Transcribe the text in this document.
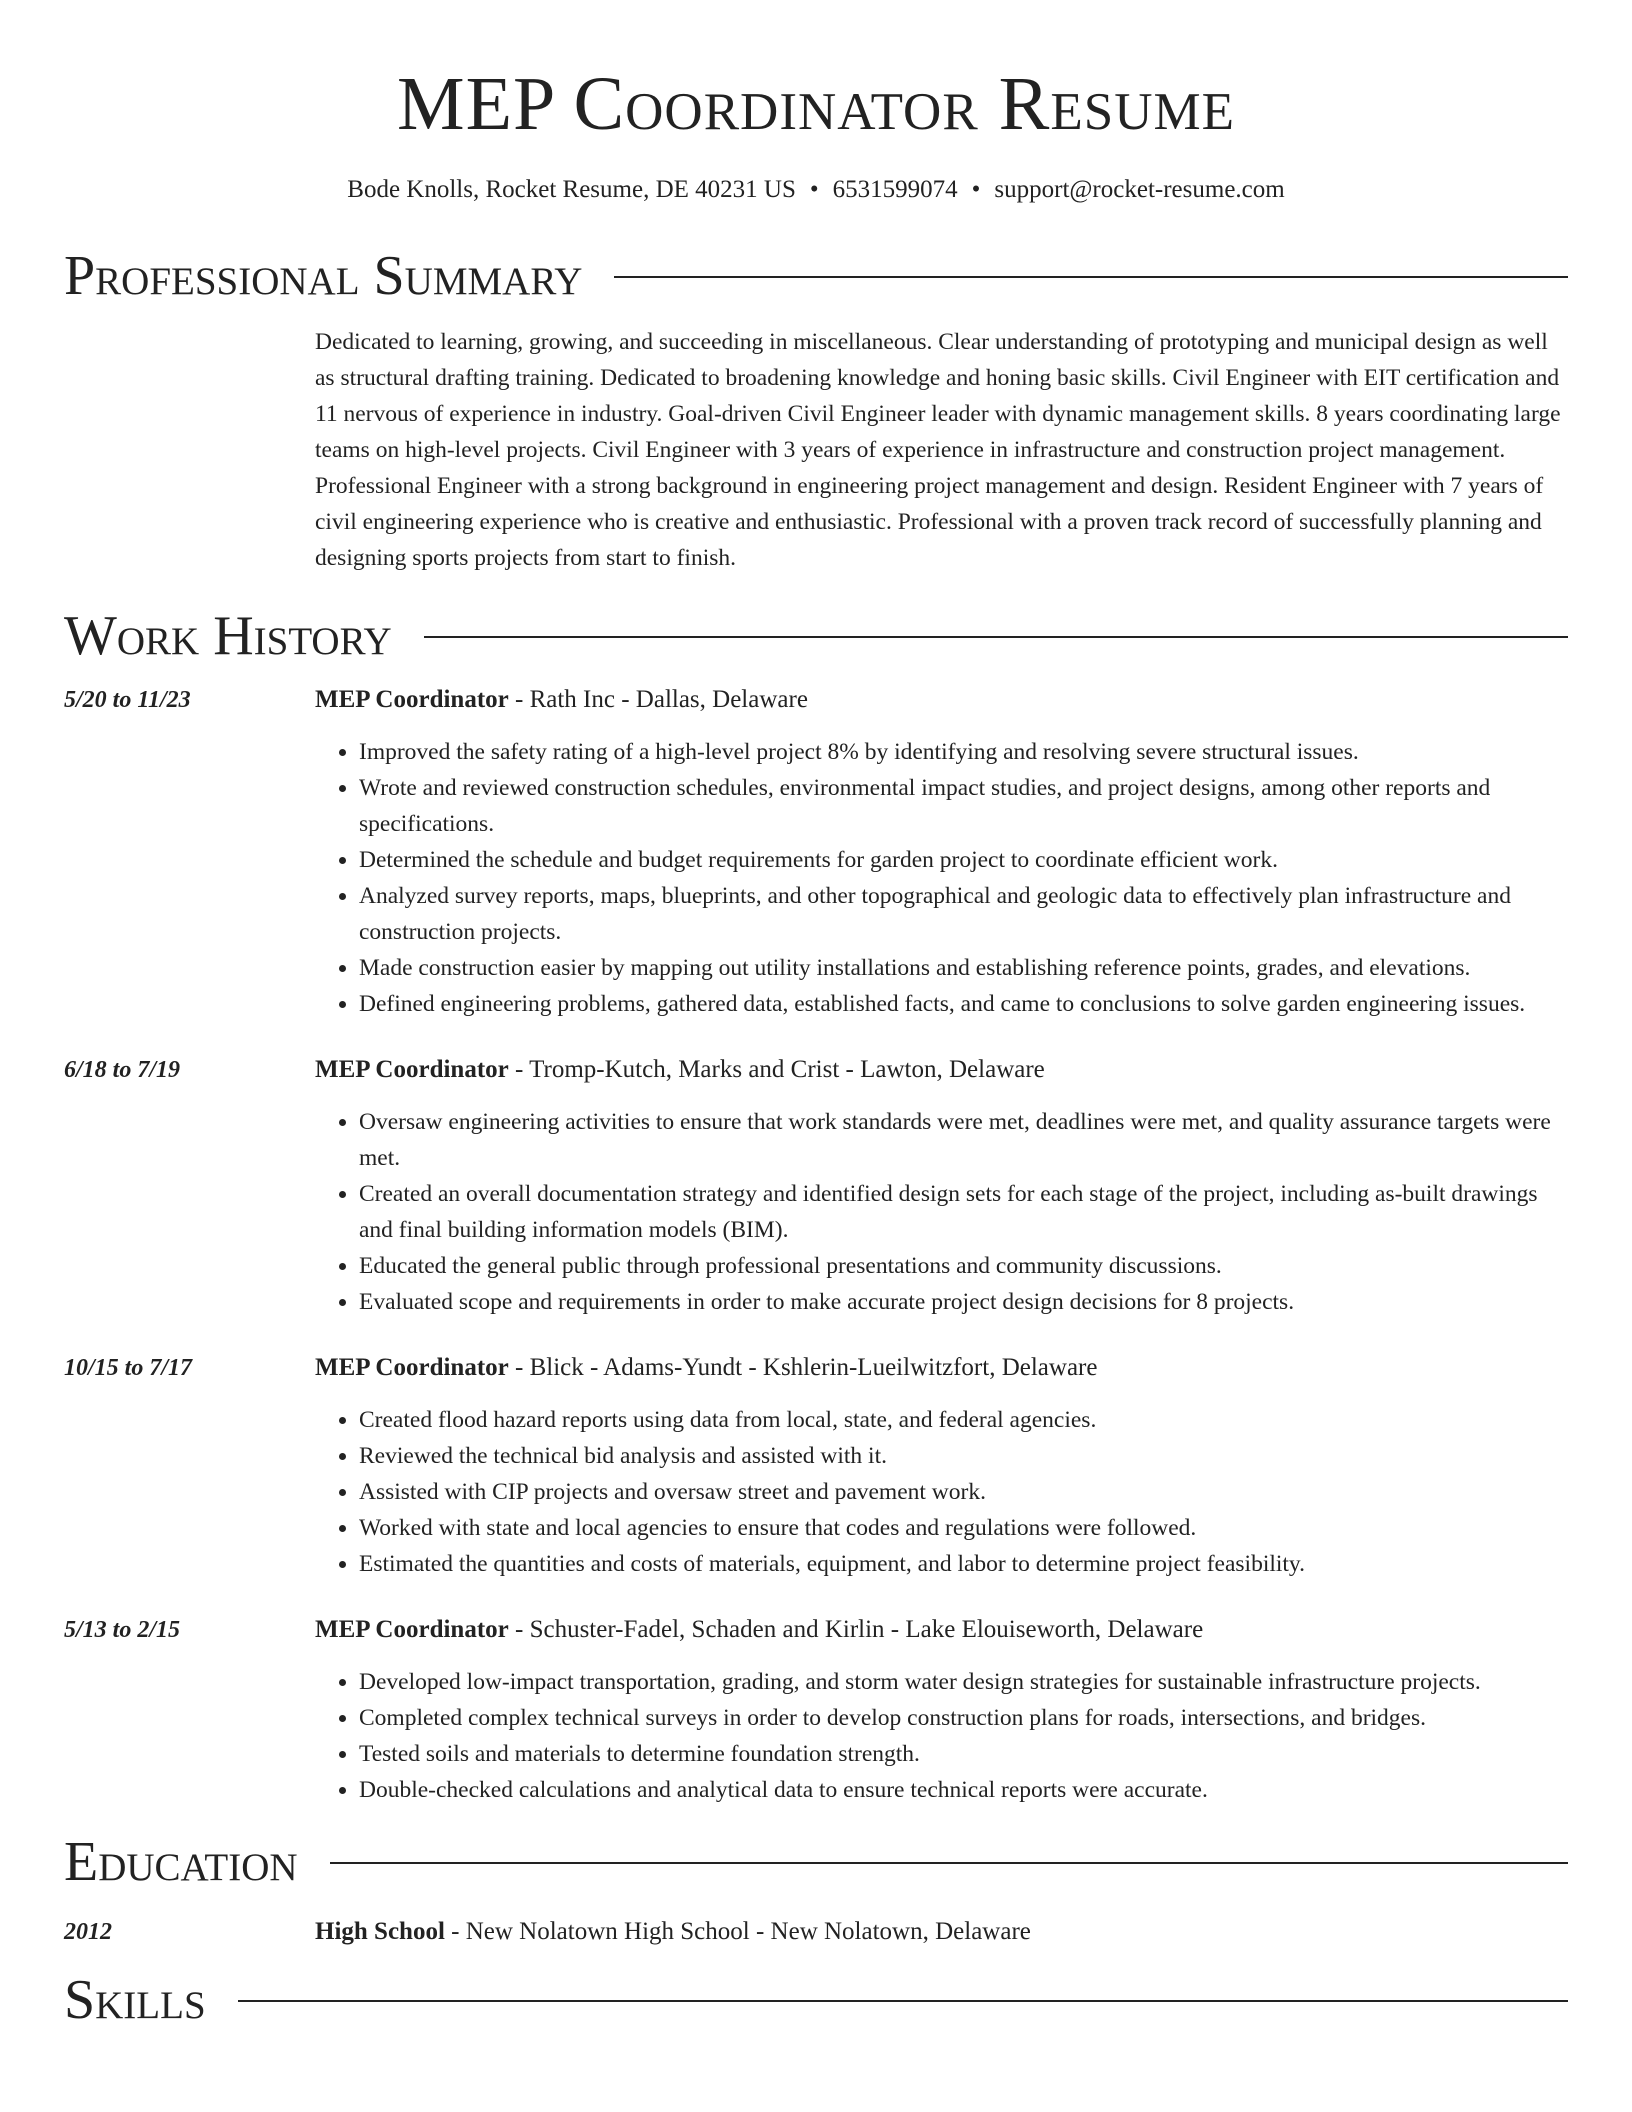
MEP Coordinator Resume
Bode Knolls, Rocket Resume, DE 40231 US • 6531599074 • support@rocket-resume.com
Professional Summary
Dedicated to learning, growing, and succeeding in miscellaneous. Clear understanding of prototyping and municipal design as well as structural drafting training. Dedicated to broadening knowledge and honing basic skills. Civil Engineer with EIT certification and 11 nervous of experience in industry. Goal-driven Civil Engineer leader with dynamic management skills. 8 years coordinating large teams on high-level projects. Civil Engineer with 3 years of experience in infrastructure and construction project management. Professional Engineer with a strong background in engineering project management and design. Resident Engineer with 7 years of civil engineering experience who is creative and enthusiastic. Professional with a proven track record of successfully planning and designing sports projects from start to finish.
Work History
5/20 to 11/23	MEP Coordinator - Rath Inc - Dallas, Delaware
• Improved the safety rating of a high-level project 8% by identifying and resolving severe structural issues.
• Wrote and reviewed construction schedules, environmental impact studies, and project designs, among other reports and specifications.
• Determined the schedule and budget requirements for garden project to coordinate efficient work.
• Analyzed survey reports, maps, blueprints, and other topographical and geologic data to effectively plan infrastructure and construction projects.
• Made construction easier by mapping out utility installations and establishing reference points, grades, and elevations.
• Defined engineering problems, gathered data, established facts, and came to conclusions to solve garden engineering issues.
6/18 to 7/19	MEP Coordinator - Tromp-Kutch, Marks and Crist - Lawton, Delaware
• Oversaw engineering activities to ensure that work standards were met, deadlines were met, and quality assurance targets were met.
• Created an overall documentation strategy and identified design sets for each stage of the project, including as-built drawings and final building information models (BIM).
• Educated the general public through professional presentations and community discussions.
• Evaluated scope and requirements in order to make accurate project design decisions for 8 projects.
10/15 to 7/17	MEP Coordinator - Blick - Adams-Yundt - Kshlerin-Lueilwitzfort, Delaware
• Created flood hazard reports using data from local, state, and federal agencies.
• Reviewed the technical bid analysis and assisted with it.
• Assisted with CIP projects and oversaw street and pavement work.
• Worked with state and local agencies to ensure that codes and regulations were followed.
• Estimated the quantities and costs of materials, equipment, and labor to determine project feasibility.
5/13 to 2/15	MEP Coordinator - Schuster-Fadel, Schaden and Kirlin - Lake Elouiseworth, Delaware
• Developed low-impact transportation, grading, and storm water design strategies for sustainable infrastructure projects.
• Completed complex technical surveys in order to develop construction plans for roads, intersections, and bridges.
• Tested soils and materials to determine foundation strength.
• Double-checked calculations and analytical data to ensure technical reports were accurate.
Education
2012	High School - New Nolatown High School - New Nolatown, Delaware
Skills
